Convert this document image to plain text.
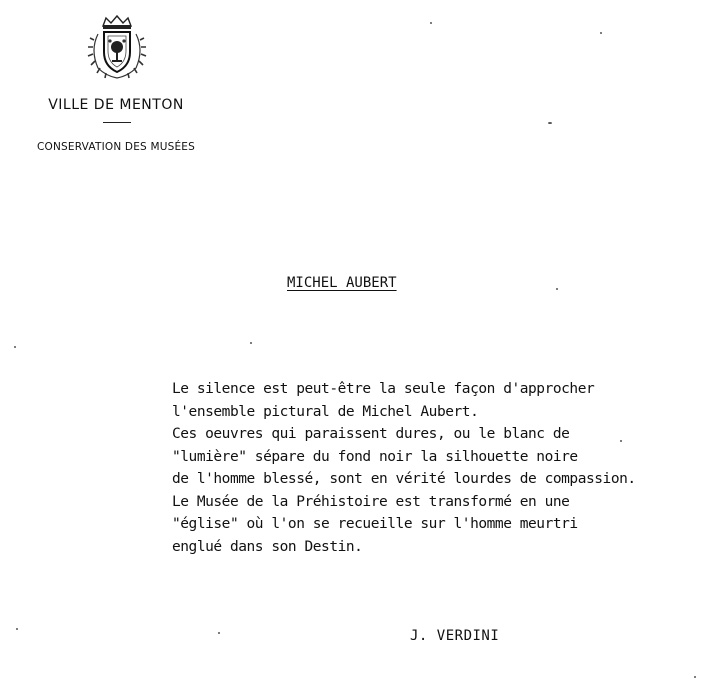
VILLE DE MENTON
CONSERVATION DES MUSÉES
MICHEL AUBERT
Le silence est peut-être la seule façon d'approcher
l'ensemble pictural de Michel Aubert.
Ces oeuvres qui paraissent dures, ou le blanc de
"lumière" sépare du fond noir la silhouette noire
de l'homme blessé, sont en vérité lourdes de compassion.
Le Musée de la Préhistoire est transformé en une
"église" où l'on se recueille sur l'homme meurtri
englué dans son Destin.
J. VERDINI
